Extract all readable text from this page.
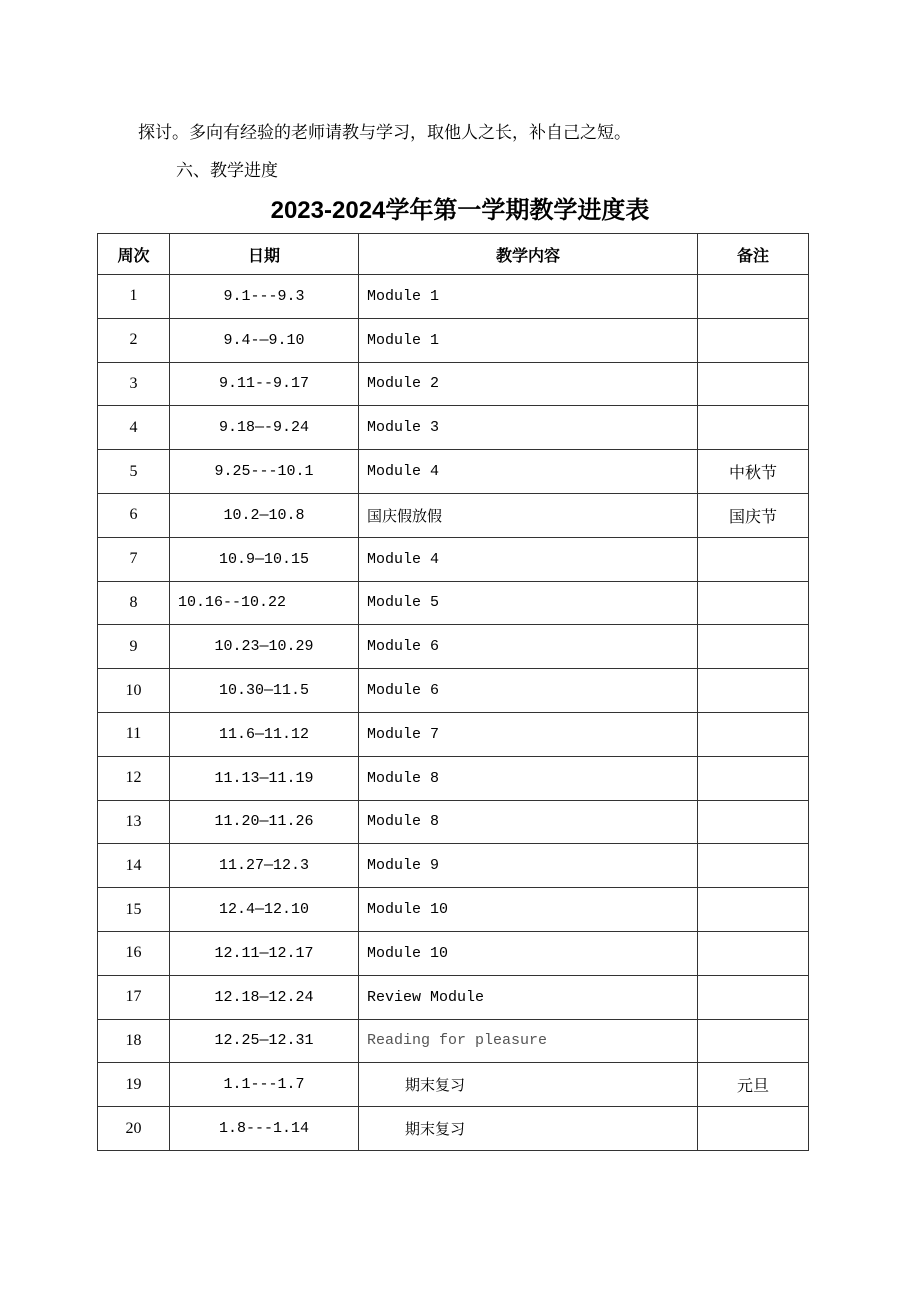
探讨。多向有经验的老师请教与学习，取他人之长，补自己之短。
六、教学进度
2023-2024学年第一学期教学进度表
周次	日期	教学内容	备注
1	9.1---9.3	Module 1	
2	9.4-—9.10	Module 1	
3	9.11--9.17	Module 2	
4	9.18—-9.24	Module 3	
5	9.25---10.1	Module 4	中秋节
6	10.2—10.8	国庆假放假	国庆节
7	10.9—10.15	Module 4	
8	10.16--10.22	Module 5	
9	10.23—10.29	Module 6	
10	10.30—11.5	Module 6	
11	11.6—11.12	Module 7	
12	11.13—11.19	Module 8	
13	11.20—11.26	Module 8	
14	11.27—12.3	Module 9	
15	12.4—12.10	Module 10	
16	12.11—12.17	Module 10	
17	12.18—12.24	Review Module	
18	12.25—12.31	Reading for pleasure	
19	1.1---1.7	期末复习	元旦
20	1.8---1.14	期末复习	
